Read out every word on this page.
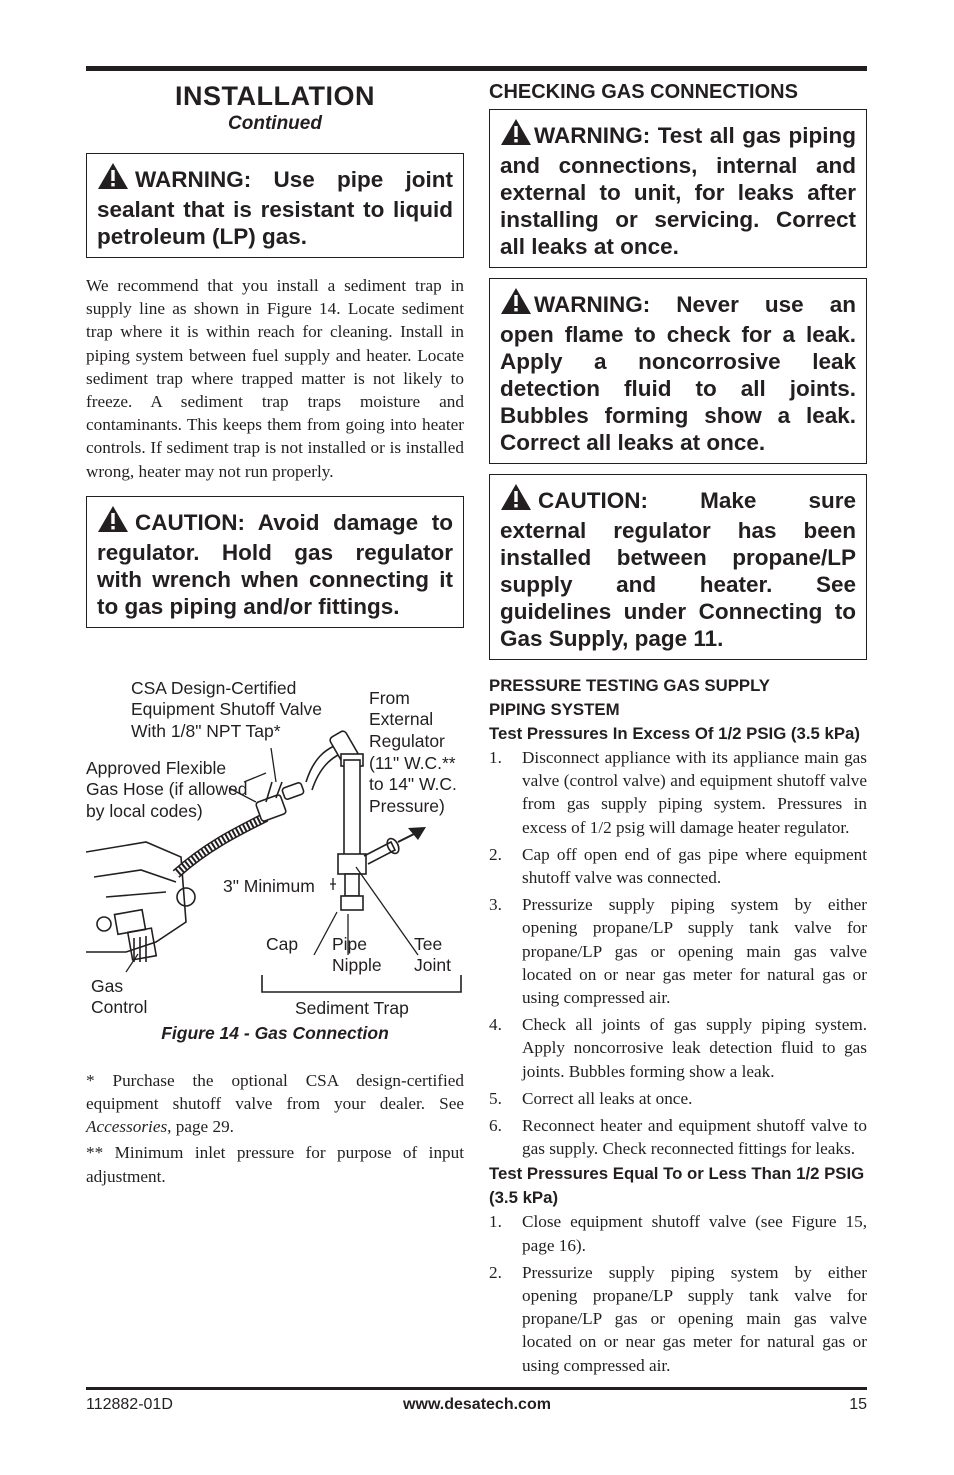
INSTALLATION
Continued
WARNING: Use pipe joint sealant that is resistant to liquid petroleum (LP) gas.

We recommend that you install a sediment trap in supply line as shown in Figure 14. Locate sediment trap where it is within reach for cleaning. Install in piping system between fuel supply and heater. Locate sediment trap where trapped matter is not likely to freeze. A sediment trap traps moisture and contaminants. This keeps them from going into heater controls. If sediment trap is not installed or is installed wrong, heater may not run properly.

CAUTION: Avoid damage to regulator. Hold gas regulator with wrench when connecting it to gas piping and/or fittings.
CSA Design-Certified
Equipment Shutoff Valve
With 1/8" NPT Tap*
From
External
Regulator
(11" W.C.**
to 14" W.C.
Pressure)
Approved Flexible
Gas Hose (if allowed
by local codes)
3" Minimum
Cap Pipe
Nipple
Tee
Joint
Gas
Control	Sediment Trap
Figure 14 - Gas Connection

* Purchase the optional CSA design-certified equipment shutoff valve from your dealer. See Accessories, page 29.

** Minimum inlet pressure for purpose of input adjustment.

CHECKING GAS CONNECTIONS
WARNING: Test all gas piping and connections, internal and external to unit, for leaks after installing or servicing. Correct all leaks at once.
WARNING: Never use an open flame to check for a leak. Apply a noncorrosive leak detection fluid to all joints. Bubbles forming show a leak. Correct all leaks at once.
CAUTION: Make sure external regulator has been installed between propane/LP supply and heater. See guidelines under Connecting to Gas Supply, page 11.
PRESSURE TESTING GAS SUPPLY
PIPING SYSTEM
Test Pressures In Excess Of 1/2 PSIG (3.5 kPa)
1. Disconnect appliance with its appliance main gas valve (control valve) and equipment shutoff valve from gas supply piping system. Pressures in excess of 1/2 psig will damage heater regulator.
2. Cap off open end of gas pipe where equipment shutoff valve was connected.
3. Pressurize supply piping system by either opening propane/LP supply tank valve for propane/LP gas or opening main gas valve located on or near gas meter for natural gas or using compressed air.
4. Check all joints of gas supply piping system. Apply noncorrosive leak detection fluid to gas joints. Bubbles forming show a leak.
5. Correct all leaks at once.
6. Reconnect heater and equipment shutoff valve to gas supply. Check reconnected fittings for leaks.
Test Pressures Equal To or Less Than 1/2 PSIG (3.5 kPa)
1. Close equipment shutoff valve (see Figure 15, page 16).
2. Pressurize supply piping system by either opening propane/LP supply tank valve for propane/LP gas or opening main gas valve located on or near gas meter for natural gas or using compressed air.
112882-01D	www.desatech.com	15
